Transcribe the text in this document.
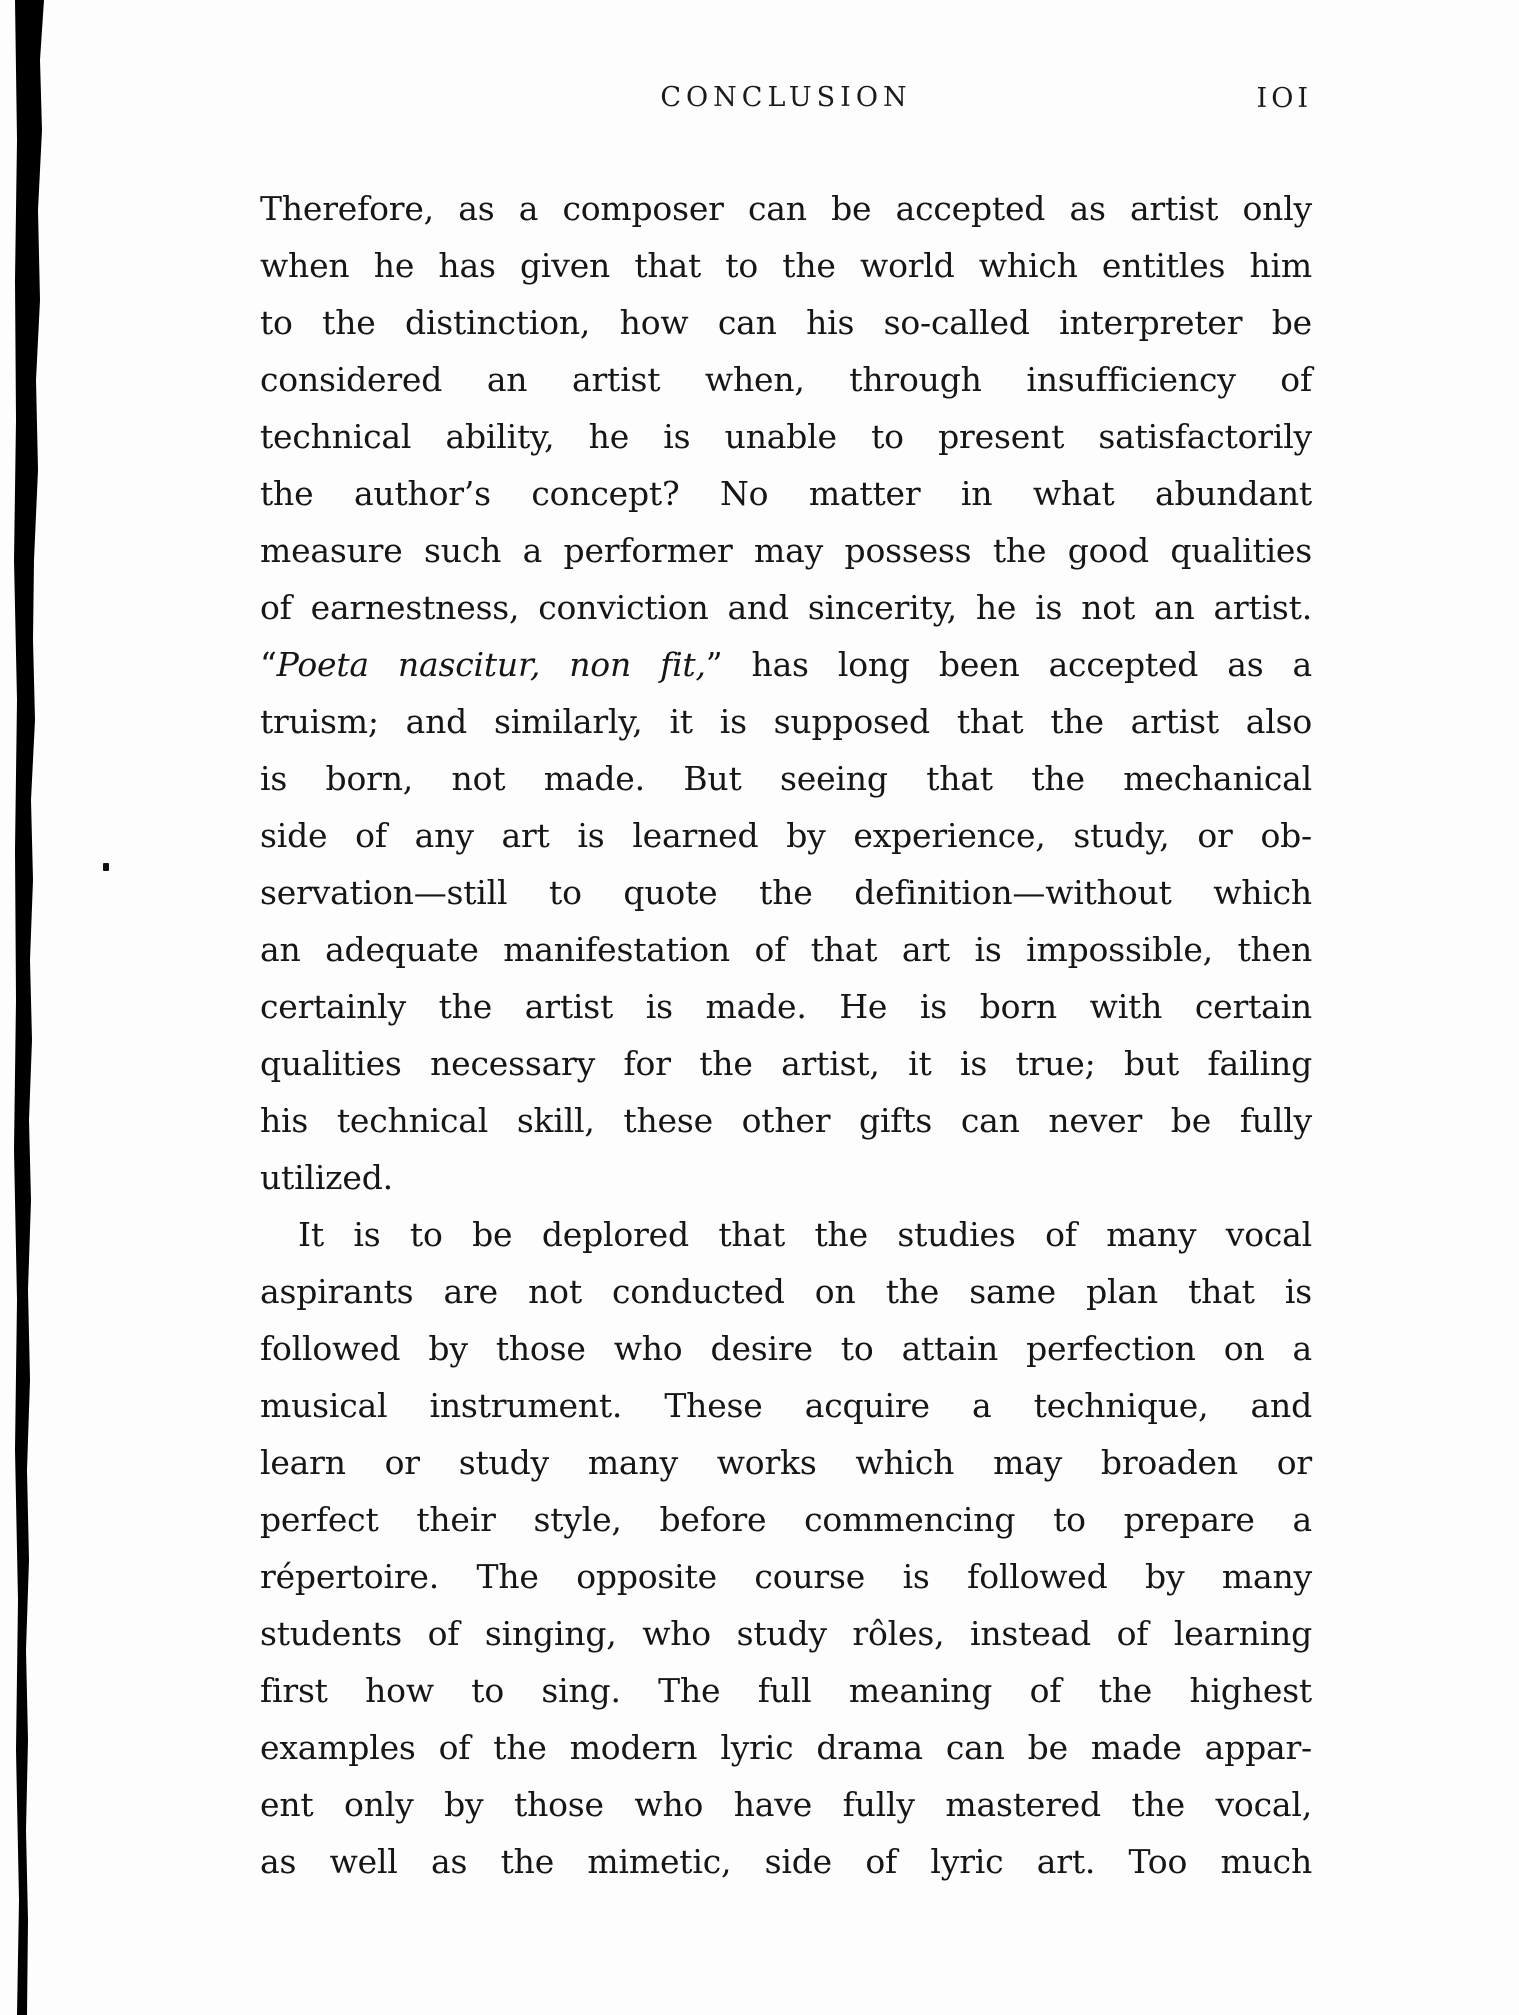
CONCLUSION	IOI
Therefore, as a composer can be accepted as artist only
when he has given that to the world which entitles him
to the distinction, how can his so-called interpreter be
considered an artist when, through insufficiency of
technical ability, he is unable to present satisfactorily
the author’s concept? No matter in what abundant
measure such a performer may possess the good qualities
of earnestness, conviction and sincerity, he is not an artist.
“Poeta nascitur, non fit,” has long been accepted as a
truism; and similarly, it is supposed that the artist also
is born, not made. But seeing that the mechanical
side of any art is learned by experience, study, or ob-
servation—still to quote the definition—without which
an adequate manifestation of that art is impossible, then
certainly the artist is made. He is born with certain
qualities necessary for the artist, it is true; but failing
his technical skill, these other gifts can never be fully
utilized.
It is to be deplored that the studies of many vocal
aspirants are not conducted on the same plan that is
followed by those who desire to attain perfection on a
musical instrument. These acquire a technique, and
learn or study many works which may broaden or
perfect their style, before commencing to prepare a
répertoire. The opposite course is followed by many
students of singing, who study rôles, instead of learning
first how to sing. The full meaning of the highest
examples of the modern lyric drama can be made appar-
ent only by those who have fully mastered the vocal,
as well as the mimetic, side of lyric art. Too much
